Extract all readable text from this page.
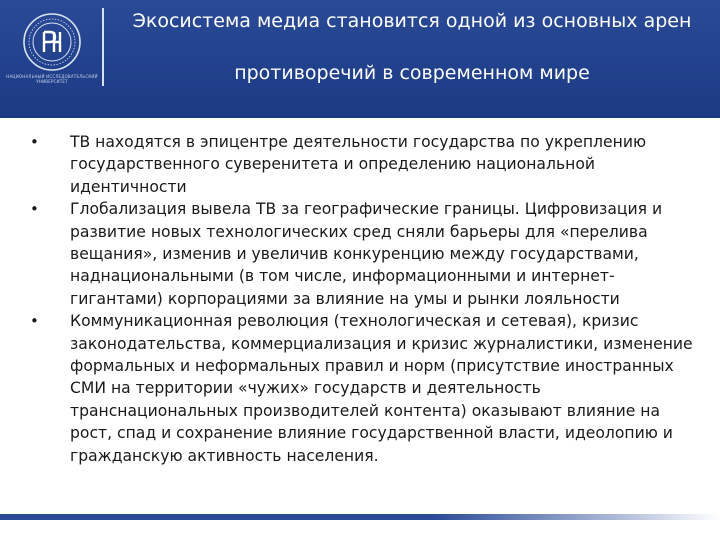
НАЦИОНАЛЬНЫЙ ИССЛЕДОВАТЕЛЬСКИЙ УНИВЕРСИТЕТ
Экосистема медиа становится одной из основных арен
противоречий в современном мире
•	ТВ находятся в эпицентре деятельности государства по укреплению государственного суверенитета и определению национальной идентичности
•	Глобализация вывела ТВ за географические границы. Цифровизация и развитие новых технологических сред сняли барьеры для «перелива вещания», изменив и увеличив конкуренцию между государствами, наднациональными (в том числе, информационными и интернет-гигантами) корпорациями за влияние на умы и рынки лояльности
•	Коммуникационная революция (технологическая и сетевая), кризис законодательства, коммерциализация и кризис журналистики, изменение формальных и неформальных правил и норм (присутствие иностранных СМИ на территории «чужих» государств и деятельность транснациональных производителей контента) оказывают влияние на рост, спад и сохранение влияние государственной власти, идеолопию и гражданскую активность населения.
